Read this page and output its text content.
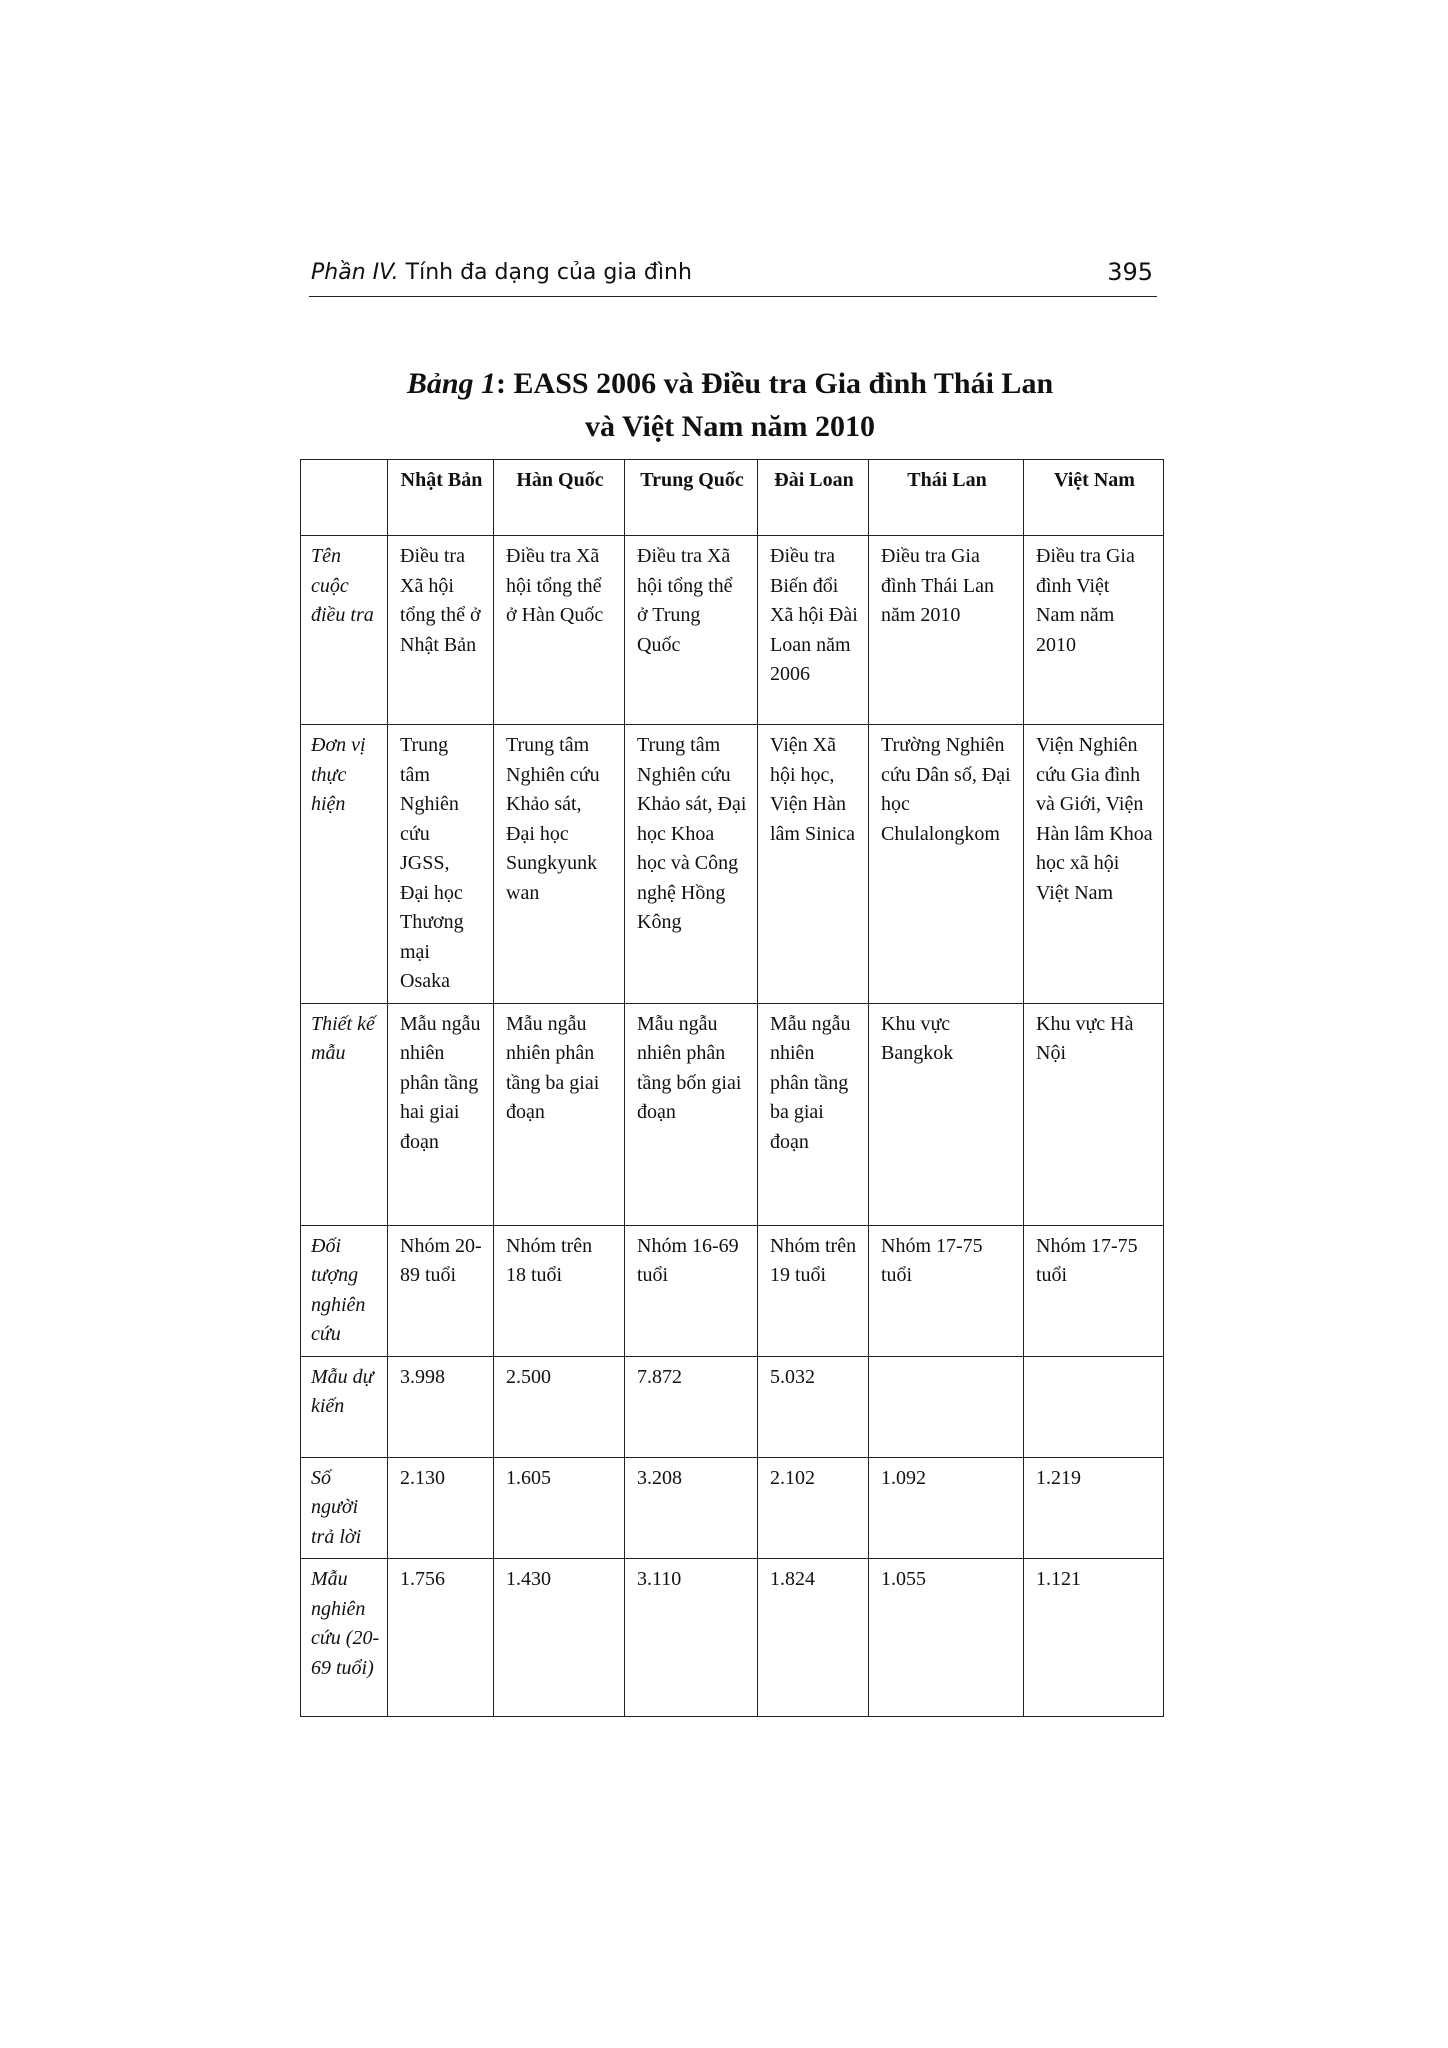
Phần IV. Tính đa dạng của gia đình	395
Bảng 1: EASS 2006 và Điều tra Gia đình Thái Lan
và Việt Nam năm 2010
	Nhật Bản	Hàn Quốc	Trung Quốc	Đài Loan	Thái Lan	Việt Nam
Tên cuộc điều tra	Điều tra Xã hội tổng thể ở Nhật Bản	Điều tra Xã hội tổng thể ở Hàn Quốc	Điều tra Xã hội tổng thể ở Trung Quốc	Điều tra Biến đổi Xã hội Đài Loan năm 2006	Điều tra Gia đình Thái Lan năm 2010	Điều tra Gia đình Việt Nam năm 2010
Đơn vị thực hiện	Trung tâm Nghiên cứu JGSS, Đại học Thương mại Osaka	Trung tâm Nghiên cứu Khảo sát, Đại học Sungkyunk wan	Trung tâm Nghiên cứu Khảo sát, Đại học Khoa học và Công nghệ Hồng Kông	Viện Xã hội học, Viện Hàn lâm Sinica	Trường Nghiên cứu Dân số, Đại học Chulalongkom	Viện Nghiên cứu Gia đình và Giới, Viện Hàn lâm Khoa học xã hội Việt Nam
Thiết kế mẫu	Mẫu ngẫu nhiên phân tầng hai giai đoạn	Mẫu ngẫu nhiên phân tầng ba giai đoạn	Mẫu ngẫu nhiên phân tầng bốn giai đoạn	Mẫu ngẫu nhiên phân tầng ba giai đoạn	Khu vực Bangkok	Khu vực Hà Nội
Đối tượng nghiên cứu	Nhóm 20-89 tuổi	Nhóm trên 18 tuổi	Nhóm 16-69 tuổi	Nhóm trên 19 tuổi	Nhóm 17-75 tuổi	Nhóm 17-75 tuổi
Mẫu dự kiến	3.998	2.500	7.872	5.032		
Số người trả lời	2.130	1.605	3.208	2.102	1.092	1.219
Mẫu nghiên cứu (20-69 tuổi)	1.756	1.430	3.110	1.824	1.055	1.121
